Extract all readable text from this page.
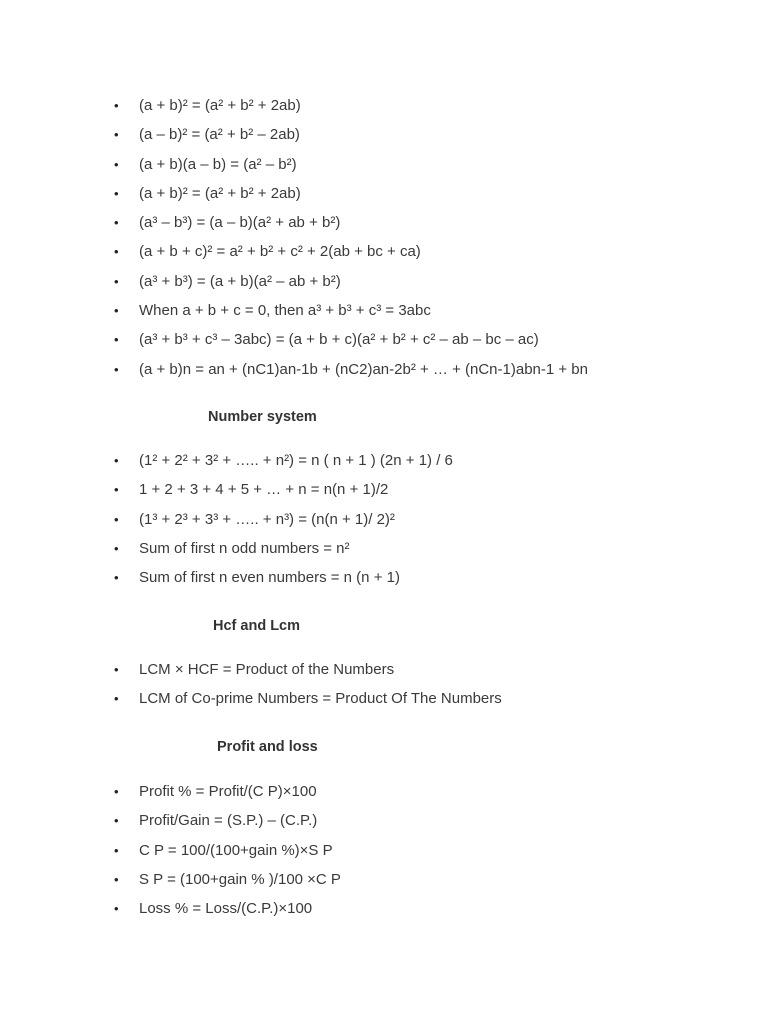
• (a + b)² = (a² + b² + 2ab)
• (a – b)² = (a² + b² – 2ab)
• (a + b)(a – b) = (a² – b²)
• (a + b)² = (a² + b² + 2ab)
• (a³ – b³) = (a – b)(a² + ab + b²)
• (a + b + c)² = a² + b² + c² + 2(ab + bc + ca)
• (a³ + b³) = (a + b)(a² – ab + b²)
• When a + b + c = 0, then a³ + b³ + c³ = 3abc
• (a³ + b³ + c³ – 3abc) = (a + b + c)(a² + b² + c² – ab – bc – ac)
• (a + b)n = an + (nC1)an-1b + (nC2)an-2b² + … + (nCn-1)abn-1 + bn
Number system
• (1² + 2² + 3² + ….. + n²) = n ( n + 1 ) (2n + 1) / 6
• 1 + 2 + 3 + 4 + 5 + … + n = n(n + 1)/2
• (1³ + 2³ + 3³ + ….. + n³) = (n(n + 1)/ 2)²
• Sum of first n odd numbers = n²
• Sum of first n even numbers = n (n + 1)
Hcf and Lcm
• LCM × HCF = Product of the Numbers
• LCM of Co-prime Numbers = Product Of The Numbers
Profit and loss
• Profit % = Profit/(C P)×100
• Profit/Gain = (S.P.) – (C.P.)
• C P = 100/(100+gain %)×S P
• S P = (100+gain % )/100 ×C P
• Loss % = Loss/(C.P.)×100
